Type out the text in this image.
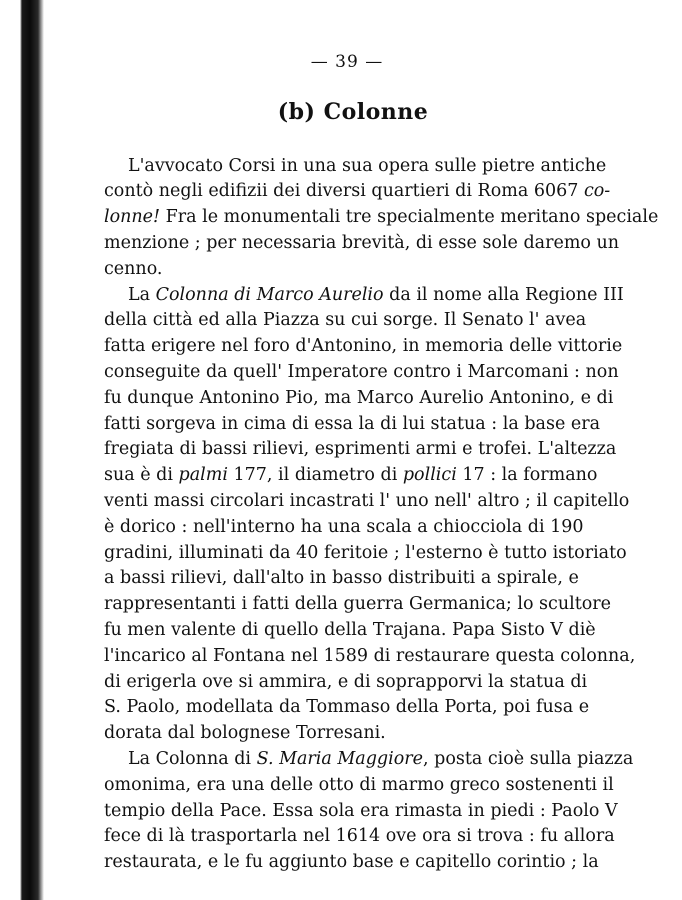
— 39 —
(b) Colonne
L'avvocato Corsi in una sua opera sulle pietre antiche
contò negli edifizii dei diversi quartieri di Roma 6067 co-
lonne! Fra le monumentali tre specialmente meritano speciale
menzione ; per necessaria brevità, di esse sole daremo un
cenno.
La Colonna di Marco Aurelio da il nome alla Regione III
della città ed alla Piazza su cui sorge. Il Senato l' avea
fatta erigere nel foro d'Antonino, in memoria delle vittorie
conseguite da quell' Imperatore contro i Marcomani : non
fu dunque Antonino Pio, ma Marco Aurelio Antonino, e di
fatti sorgeva in cima di essa la di lui statua : la base era
fregiata di bassi rilievi, esprimenti armi e trofei. L'altezza
sua è di palmi 177, il diametro di pollici 17 : la formano
venti massi circolari incastrati l' uno nell' altro ; il capitello
è dorico : nell'interno ha una scala a chiocciola di 190
gradini, illuminati da 40 feritoie ; l'esterno è tutto istoriato
a bassi rilievi, dall'alto in basso distribuiti a spirale, e
rappresentanti i fatti della guerra Germanica; lo scultore
fu men valente di quello della Trajana. Papa Sisto V diè
l'incarico al Fontana nel 1589 di restaurare questa colonna,
di erigerla ove si ammira, e di soprapporvi la statua di
S. Paolo, modellata da Tommaso della Porta, poi fusa e
dorata dal bolognese Torresani.
La Colonna di S. Maria Maggiore, posta cioè sulla piazza
omonima, era una delle otto di marmo greco sostenenti il
tempio della Pace. Essa sola era rimasta in piedi : Paolo V
fece di là trasportarla nel 1614 ove ora si trova : fu allora
restaurata, e le fu aggiunto base e capitello corintio ; la
